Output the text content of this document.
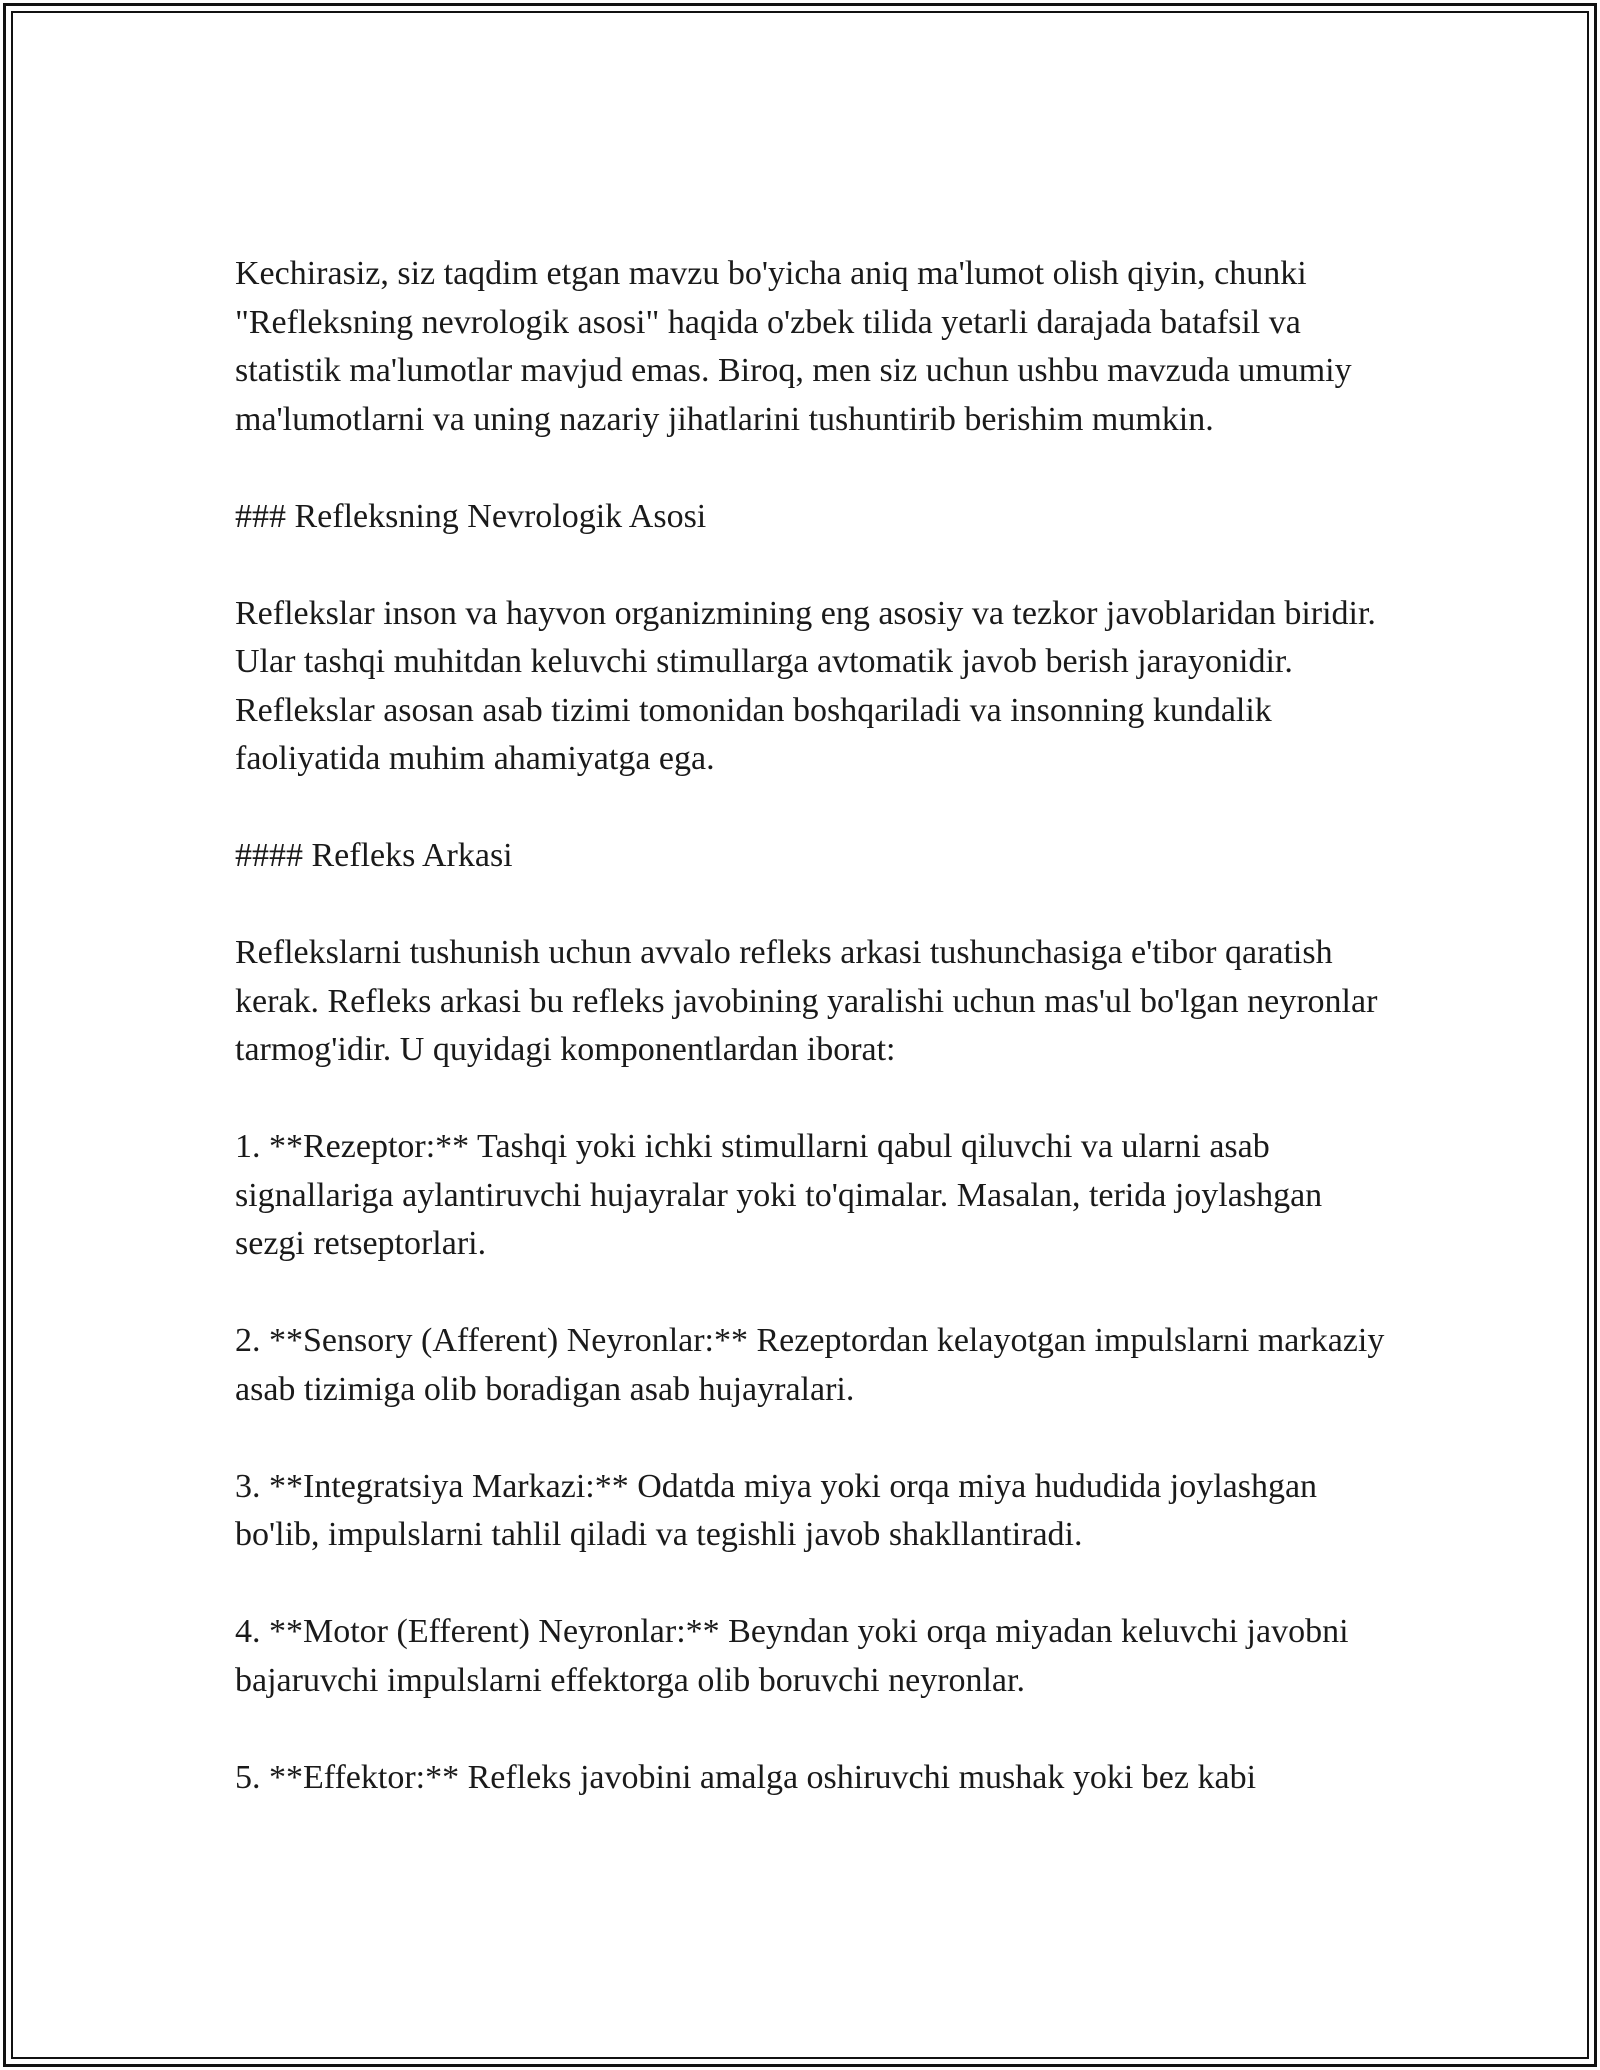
Kechirasiz, siz taqdim etgan mavzu bo'yicha aniq ma'lumot olish qiyin, chunki "Refleksning nevrologik asosi" haqida o'zbek tilida yetarli darajada batafsil va statistik ma'lumotlar mavjud emas. Biroq, men siz uchun ushbu mavzuda umumiy ma'lumotlarni va uning nazariy jihatlarini tushuntirib berishim mumkin.

### Refleksning Nevrologik Asosi

Reflekslar inson va hayvon organizmining eng asosiy va tezkor javoblaridan biridir. Ular tashqi muhitdan keluvchi stimullarga avtomatik javob berish jarayonidir. Reflekslar asosan asab tizimi tomonidan boshqariladi va insonning kundalik faoliyatida muhim ahamiyatga ega.

#### Refleks Arkasi

Reflekslarni tushunish uchun avvalo refleks arkasi tushunchasiga e'tibor qaratish kerak. Refleks arkasi bu refleks javobining yaralishi uchun mas'ul bo'lgan neyronlar tarmog'idir. U quyidagi komponentlardan iborat:

1. **Rezeptor:** Tashqi yoki ichki stimullarni qabul qiluvchi va ularni asab signallariga aylantiruvchi hujayralar yoki to'qimalar. Masalan, terida joylashgan sezgi retseptorlari.

2. **Sensory (Afferent) Neyronlar:** Rezeptordan kelayotgan impulslarni markaziy asab tizimiga olib boradigan asab hujayralari.

3. **Integratsiya Markazi:** Odatda miya yoki orqa miya hududida joylashgan bo'lib, impulslarni tahlil qiladi va tegishli javob shakllantiradi.

4. **Motor (Efferent) Neyronlar:** Beyndan yoki orqa miyadan keluvchi javobni bajaruvchi impulslarni effektorga olib boruvchi neyronlar.

5. **Effektor:** Refleks javobini amalga oshiruvchi mushak yoki bez kabi
